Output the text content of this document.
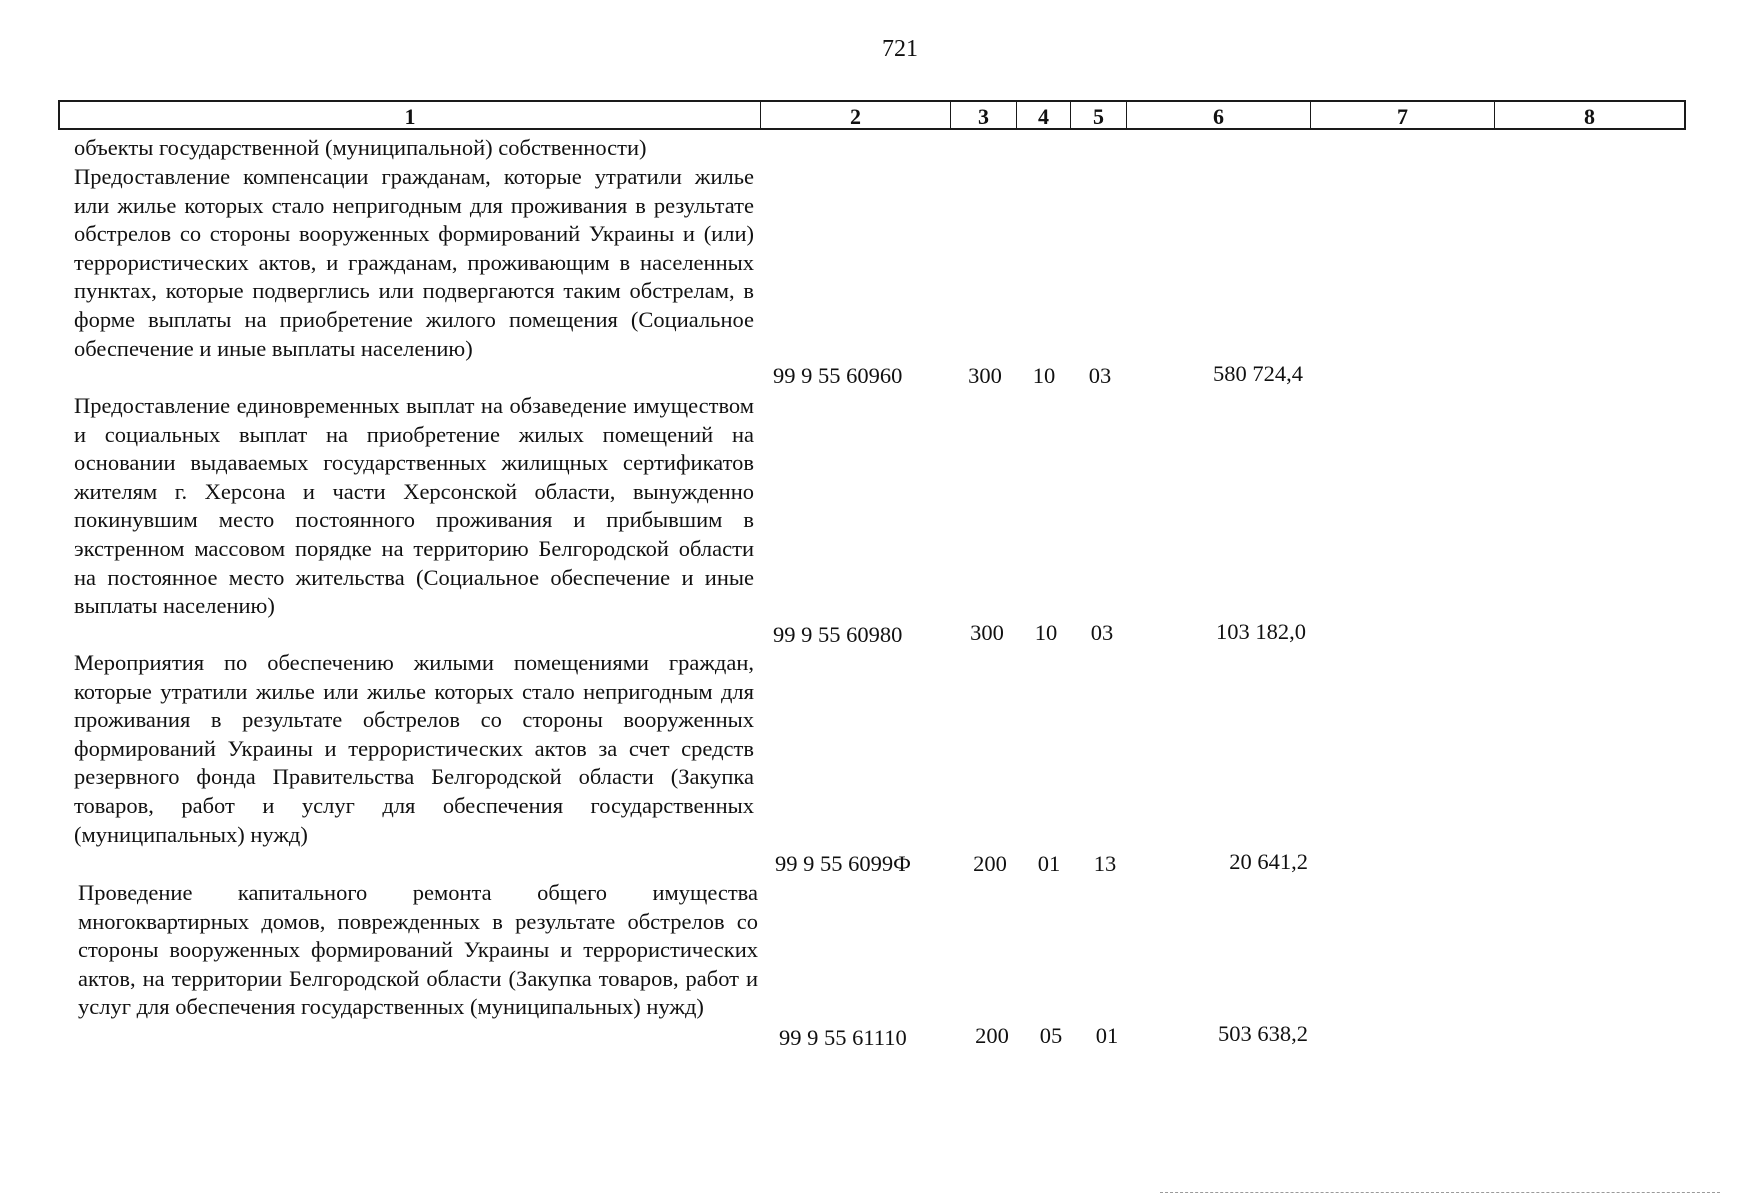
721
1	2	3	4	5	6	7	8
объекты государственной (муниципальной) собственности)
Предоставление компенсации гражданам, которые утратили жилье или жилье которых стало непригодным для проживания в результате обстрелов со стороны вооруженных формирований Украины и (или) террористических актов, и гражданам, проживающим в населенных пунктах, которые подверглись или подвергаются таким обстрелам, в форме выплаты на приобретение жилого помещения (Социальное обеспечение и иные выплаты населению)
99 9 55 60960	300	10	03	580 724,4
Предоставление единовременных выплат на обзаведение имуществом и социальных выплат на приобретение жилых помещений на основании выдаваемых государственных жилищных сертификатов жителям г. Херсона и части Херсонской области, вынужденно покинувшим место постоянного проживания и прибывшим в экстренном массовом порядке на территорию Белгородской области на постоянное место жительства (Социальное обеспечение и иные выплаты населению)
99 9 55 60980	300	10	03	103 182,0
Мероприятия по обеспечению жилыми помещениями граждан, которые утратили жилье или жилье которых стало непригодным для проживания в результате обстрелов со стороны вооруженных формирований Украины и террористических актов за счет средств резервного фонда Правительства Белгородской области (Закупка товаров, работ и услуг для обеспечения государственных (муниципальных) нужд)
99 9 55 6099Ф	200	01	13	20 641,2
Проведение капитального ремонта общего имущества многоквартирных домов, поврежденных в результате обстрелов со стороны вооруженных формирований Украины и террористических актов, на территории Белгородской области (Закупка товаров, работ и услуг для обеспечения государственных (муниципальных) нужд)
99 9 55 61110	200	05	01	503 638,2
